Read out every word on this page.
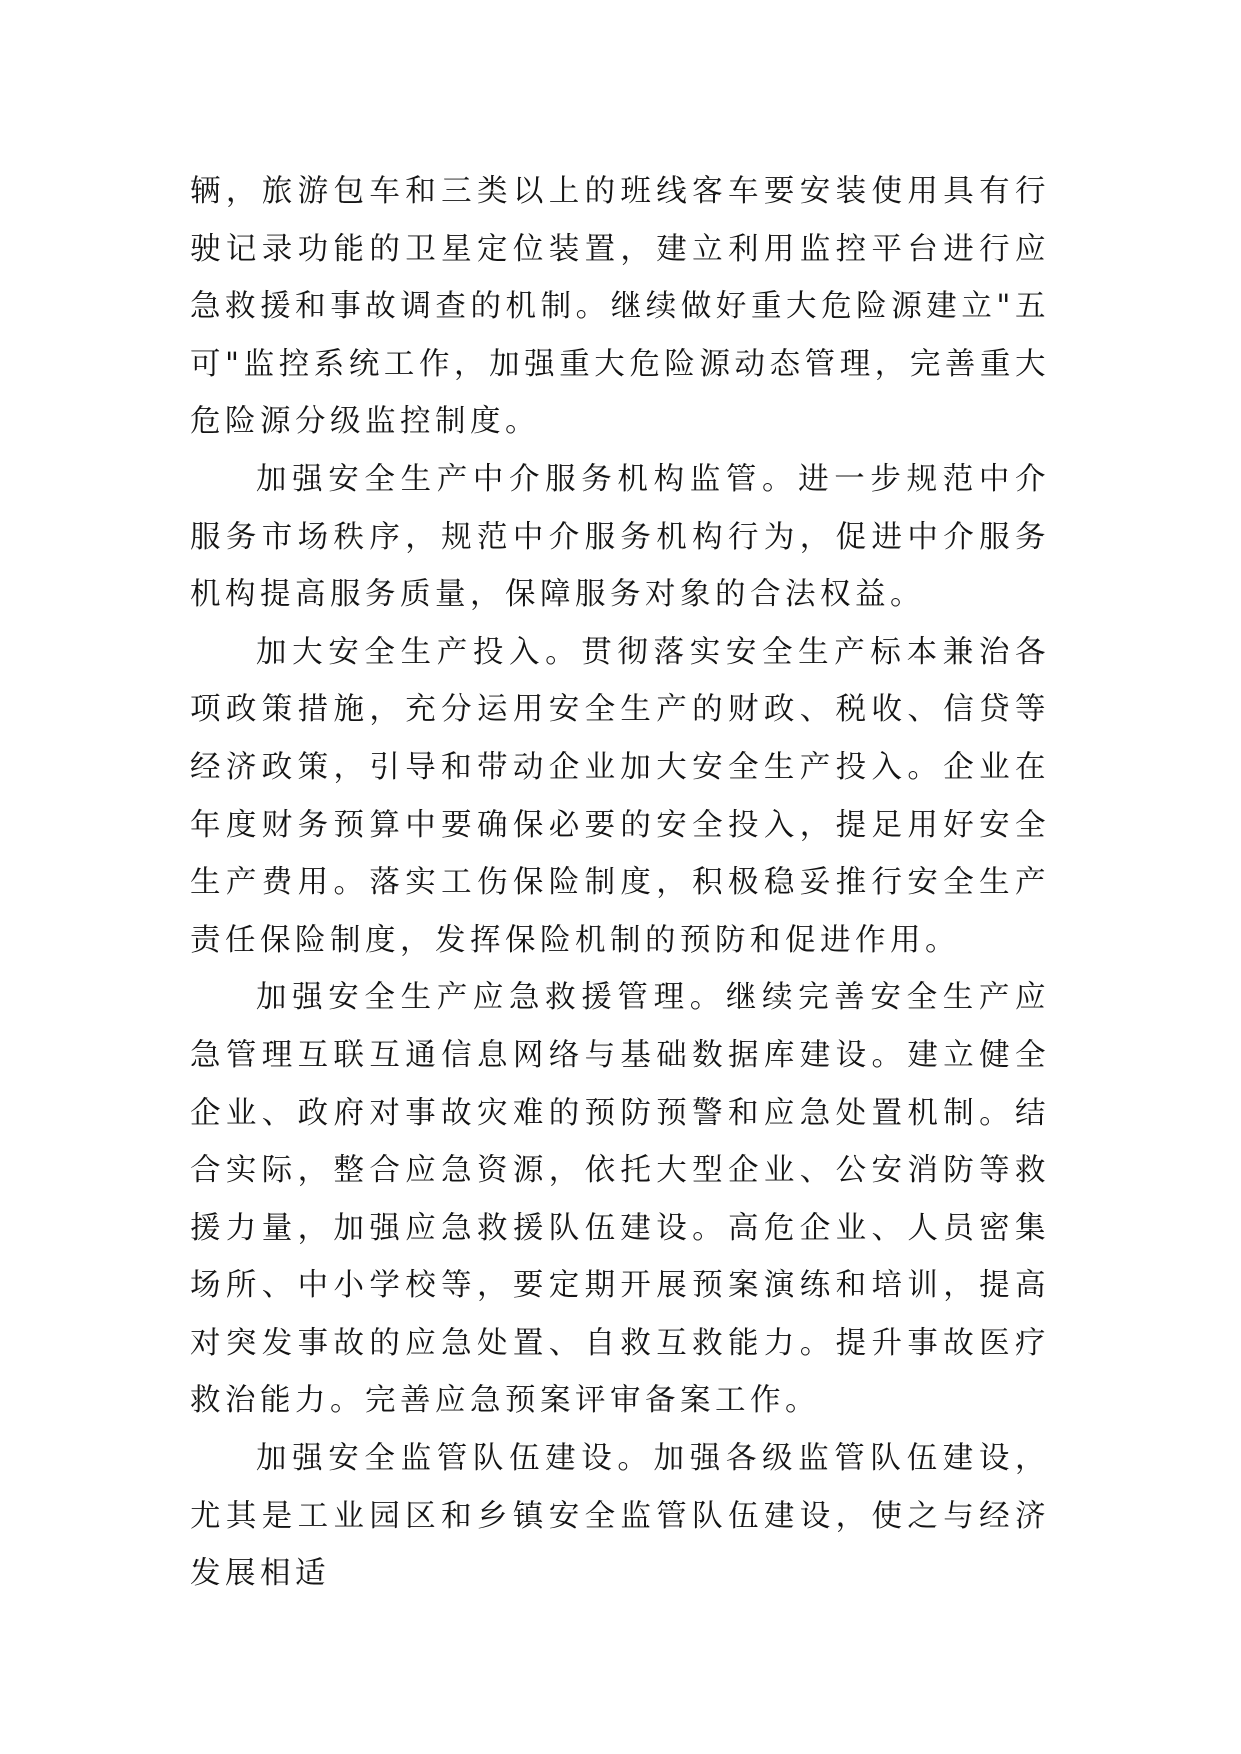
辆，旅游包车和三类以上的班线客车要安装使用具有行驶记录功能的卫星定位装置，建立利用监控平台进行应急救援和事故调查的机制。继续做好重大危险源建立"五可"监控系统工作，加强重大危险源动态管理，完善重大危险源分级监控制度。

加强安全生产中介服务机构监管。进一步规范中介服务市场秩序，规范中介服务机构行为，促进中介服务机构提高服务质量，保障服务对象的合法权益。

加大安全生产投入。贯彻落实安全生产标本兼治各项政策措施，充分运用安全生产的财政、税收、信贷等经济政策，引导和带动企业加大安全生产投入。企业在年度财务预算中要确保必要的安全投入，提足用好安全生产费用。落实工伤保险制度，积极稳妥推行安全生产责任保险制度，发挥保险机制的预防和促进作用。

加强安全生产应急救援管理。继续完善安全生产应急管理互联互通信息网络与基础数据库建设。建立健全企业、政府对事故灾难的预防预警和应急处置机制。结合实际，整合应急资源，依托大型企业、公安消防等救援力量，加强应急救援队伍建设。高危企业、人员密集场所、中小学校等，要定期开展预案演练和培训，提高对突发事故的应急处置、自救互救能力。提升事故医疗救治能力。完善应急预案评审备案工作。

加强安全监管队伍建设。加强各级监管队伍建设，尤其是工业园区和乡镇安全监管队伍建设，使之与经济发展相适
